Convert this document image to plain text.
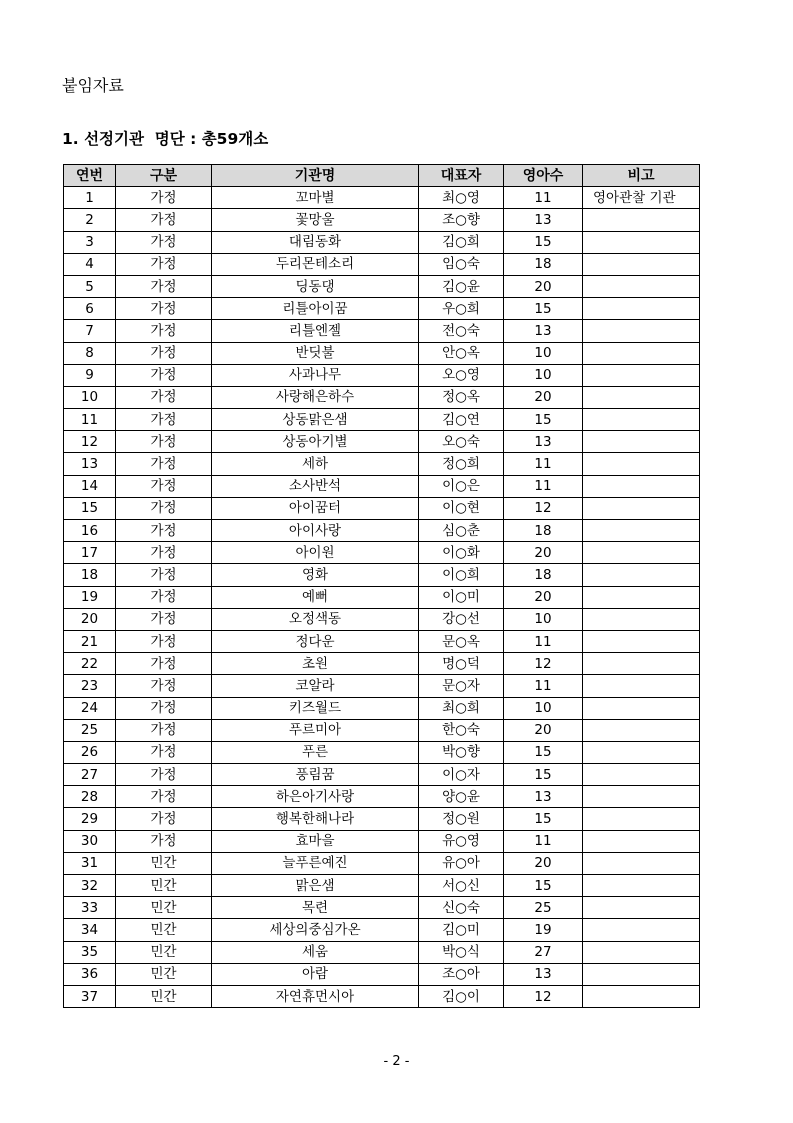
붙임자료
1. 선정기관  명단 : 총59개소
연번	구분	기관명	대표자	영아수	비고
1	가정	꼬마별	최○영	11	영아관찰 기관
2	가정	꽃망울	조○향	13	
3	가정	대림동화	김○희	15	
4	가정	두리몬테소리	임○숙	18	
5	가정	딩동댕	김○윤	20	
6	가정	리틀아이꿈	우○희	15	
7	가정	리틀엔젤	전○숙	13	
8	가정	반딧불	안○옥	10	
9	가정	사과나무	오○영	10	
10	가정	사랑해은하수	정○옥	20	
11	가정	상동맑은샘	김○연	15	
12	가정	상동아기별	오○숙	13	
13	가정	세하	정○희	11	
14	가정	소사반석	이○은	11	
15	가정	아이꿈터	이○현	12	
16	가정	아이사랑	심○춘	18	
17	가정	아이원	이○화	20	
18	가정	영화	이○희	18	
19	가정	예뻐	이○미	20	
20	가정	오정색동	강○선	10	
21	가정	정다운	문○옥	11	
22	가정	초원	명○덕	12	
23	가정	코알라	문○자	11	
24	가정	키즈월드	최○희	10	
25	가정	푸르미아	한○숙	20	
26	가정	푸른	박○향	15	
27	가정	풍림꿈	이○자	15	
28	가정	하은아기사랑	양○윤	13	
29	가정	행복한해나라	정○원	15	
30	가정	효마을	유○영	11	
31	민간	늘푸른예진	유○아	20	
32	민간	맑은샘	서○신	15	
33	민간	목련	신○숙	25	
34	민간	세상의중심가온	김○미	19	
35	민간	세움	박○식	27	
36	민간	아람	조○아	13	
37	민간	자연휴먼시아	김○이	12	
- 2 -
